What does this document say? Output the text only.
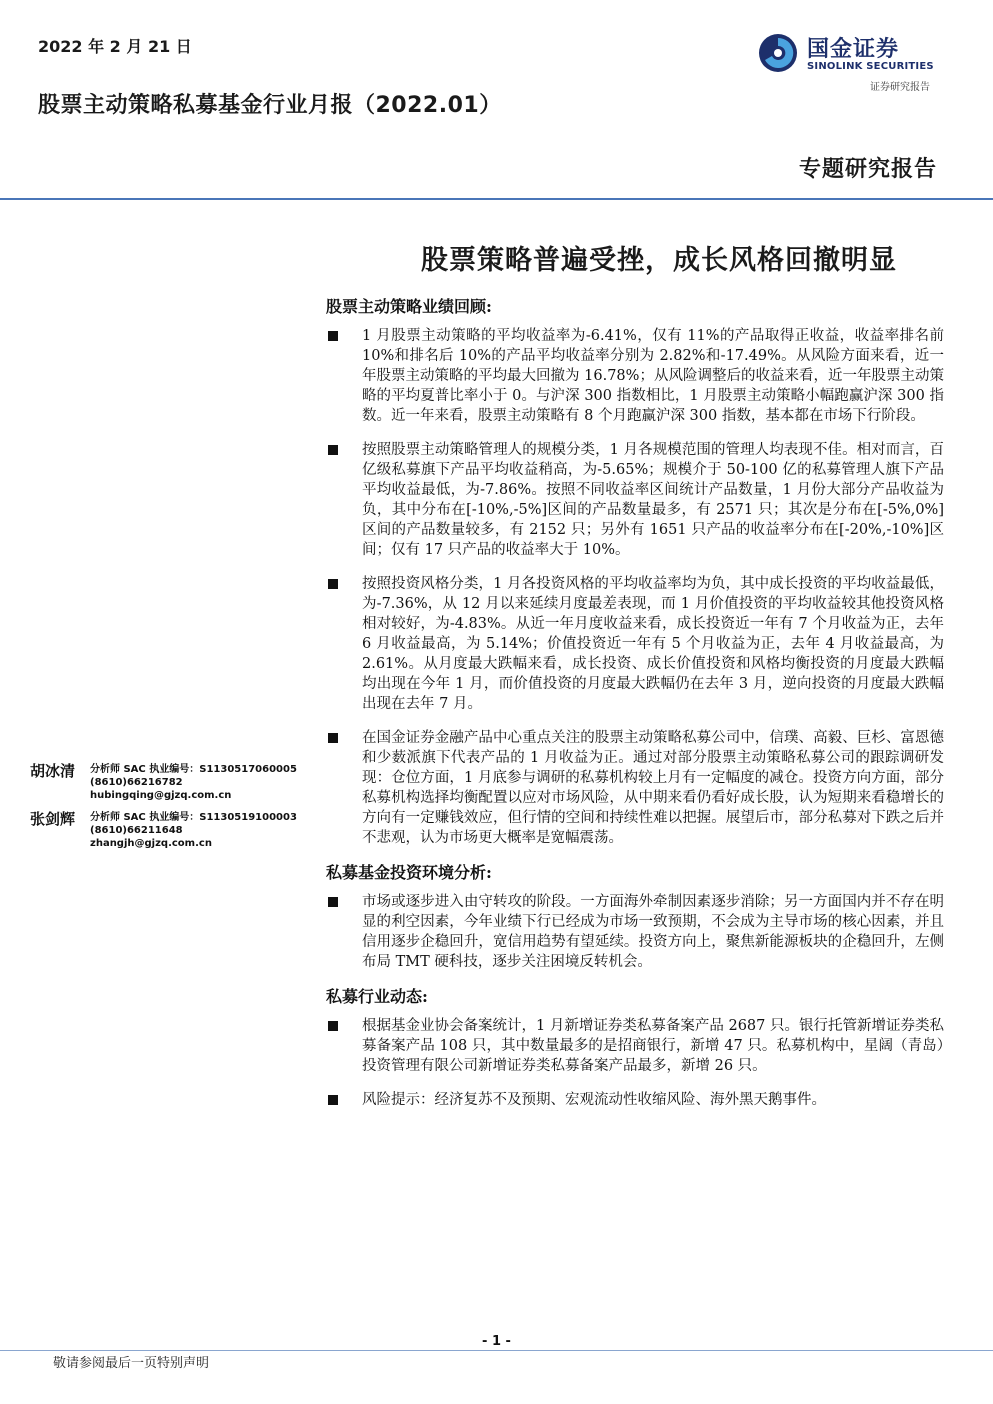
2022 年 2 月 21 日
股票主动策略私募基金行业月报（2022.01）
国金证券
SINOLINK SECURITIES
证券研究报告
专题研究报告
股票策略普遍受挫，成长风格回撤明显
股票主动策略业绩回顾:
1 月股票主动策略的平均收益率为-6.41%，仅有 11%的产品取得正收益，收益率排名前 10%和排名后 10%的产品平均收益率分别为 2.82%和-17.49%。从风险方面来看，近一年股票主动策略的平均最大回撤为 16.78%；从风险调整后的收益来看，近一年股票主动策略的平均夏普比率小于 0。与沪深 300 指数相比，1 月股票主动策略小幅跑赢沪深 300 指数。近一年来看，股票主动策略有 8 个月跑赢沪深 300 指数，基本都在市场下行阶段。
按照股票主动策略管理人的规模分类，1 月各规模范围的管理人均表现不佳。相对而言，百亿级私募旗下产品平均收益稍高，为-5.65%；规模介于 50-100 亿的私募管理人旗下产品平均收益最低，为-7.86%。按照不同收益率区间统计产品数量，1 月份大部分产品收益为负，其中分布在[-10%,-5%]区间的产品数量最多，有 2571 只；其次是分布在[-5%,0%]区间的产品数量较多，有 2152 只；另外有 1651 只产品的收益率分布在[-20%,-10%]区间；仅有 17 只产品的收益率大于 10%。
按照投资风格分类，1 月各投资风格的平均收益率均为负，其中成长投资的平均收益最低，为-7.36%，从 12 月以来延续月度最差表现，而 1 月价值投资的平均收益较其他投资风格相对较好，为-4.83%。从近一年月度收益来看，成长投资近一年有 7 个月收益为正，去年 6 月收益最高，为 5.14%；价值投资近一年有 5 个月收益为正，去年 4 月收益最高，为 2.61%。从月度最大跌幅来看，成长投资、成长价值投资和风格均衡投资的月度最大跌幅均出现在今年 1 月，而价值投资的月度最大跌幅仍在去年 3 月，逆向投资的月度最大跌幅出现在去年 7 月。
在国金证券金融产品中心重点关注的股票主动策略私募公司中，信璞、高毅、巨杉、富恩德和少薮派旗下代表产品的 1 月收益为正。通过对部分股票主动策略私募公司的跟踪调研发现：仓位方面，1 月底参与调研的私募机构较上月有一定幅度的减仓。投资方向方面，部分私募机构选择均衡配置以应对市场风险，从中期来看仍看好成长股，认为短期来看稳增长的方向有一定赚钱效应，但行情的空间和持续性难以把握。展望后市，部分私募对下跌之后并不悲观，认为市场更大概率是宽幅震荡。
私募基金投资环境分析:
市场或逐步进入由守转攻的阶段。一方面海外牵制因素逐步消除；另一方面国内并不存在明显的利空因素，今年业绩下行已经成为市场一致预期，不会成为主导市场的核心因素，并且信用逐步企稳回升，宽信用趋势有望延续。投资方向上，聚焦新能源板块的企稳回升，左侧布局 TMT 硬科技，逐步关注困境反转机会。
私募行业动态:
根据基金业协会备案统计，1 月新增证券类私募备案产品 2687 只。银行托管新增证券类私募备案产品 108 只，其中数量最多的是招商银行，新增 47 只。私募机构中，星阔（青岛）投资管理有限公司新增证券类私募备案产品最多，新增 26 只。
风险提示：经济复苏不及预期、宏观流动性收缩风险、海外黑天鹅事件。
胡冰清 分析师 SAC 执业编号：S1130517060005
(8610)66216782
hubingqing@gjzq.com.cn
张剑辉 分析师 SAC 执业编号：S1130519100003
(8610)66211648
zhangjh@gjzq.com.cn
- 1 -
敬请参阅最后一页特别声明
